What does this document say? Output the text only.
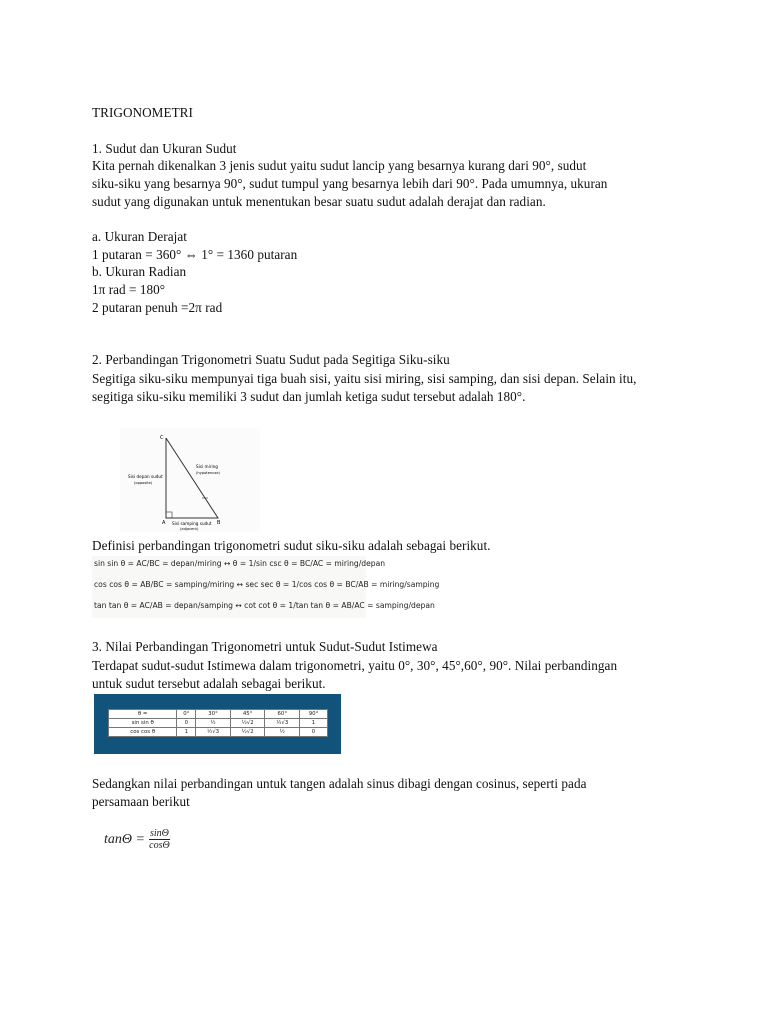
TRIGONOMETRI
1. Sudut dan Ukuran Sudut
Kita pernah dikenalkan 3 jenis sudut yaitu sudut lancip yang besarnya kurang dari 90°, sudut
siku-siku yang besarnya 90°, sudut tumpul yang besarnya lebih dari 90°. Pada umumnya, ukuran
sudut yang digunakan untuk menentukan besar suatu sudut adalah derajat dan radian.
a. Ukuran Derajat
1 putaran = 360° ⇔ 1° = 1360 putaran
b. Ukuran Radian
1π rad = 180°
2 putaran penuh =2π rad
2. Perbandingan Trigonometri Suatu Sudut pada Segitiga Siku-siku
Segitiga siku-siku mempunyai tiga buah sisi, yaitu sisi miring, sisi samping, dan sisi depan. Selain itu,
segitiga siku-siku memiliki 3 sudut dan jumlah ketiga sudut tersebut adalah 180°.
C
A	B
Sisi depan sudut
(opposite)
Sisi miring
(hypotenuse)
Sisi samping sudut
(adjacent)
Definisi perbandingan trigonometri sudut siku-siku adalah sebagai berikut.
sin sin θ = AC/BC = depan/miring ↔ θ = 1/sin csc θ = BC/AC = miring/depan
cos cos θ = AB/BC = samping/miring ↔ sec sec θ = 1/cos cos θ = BC/AB = miring/samping
tan tan θ = AC/AB = depan/samping ↔ cot cot θ = 1/tan tan θ = AB/AC = samping/depan
3. Nilai Perbandingan Trigonometri untuk Sudut-Sudut Istimewa
Terdapat sudut-sudut Istimewa dalam trigonometri, yaitu 0°, 30°, 45°,60°, 90°. Nilai perbandingan
untuk sudut tersebut adalah sebagai berikut.
θ =	0°	30°	45°	60°	90°
sin sin θ	0	½	½√2	½√3	1
cos cos θ	1	½√3	½√2	½	0
Sedangkan nilai perbandingan untuk tangen adalah sinus dibagi dengan cosinus, seperti pada
persamaan berikut
$\tan\Theta = \frac{\sin\Theta}{\cos\Theta}$
